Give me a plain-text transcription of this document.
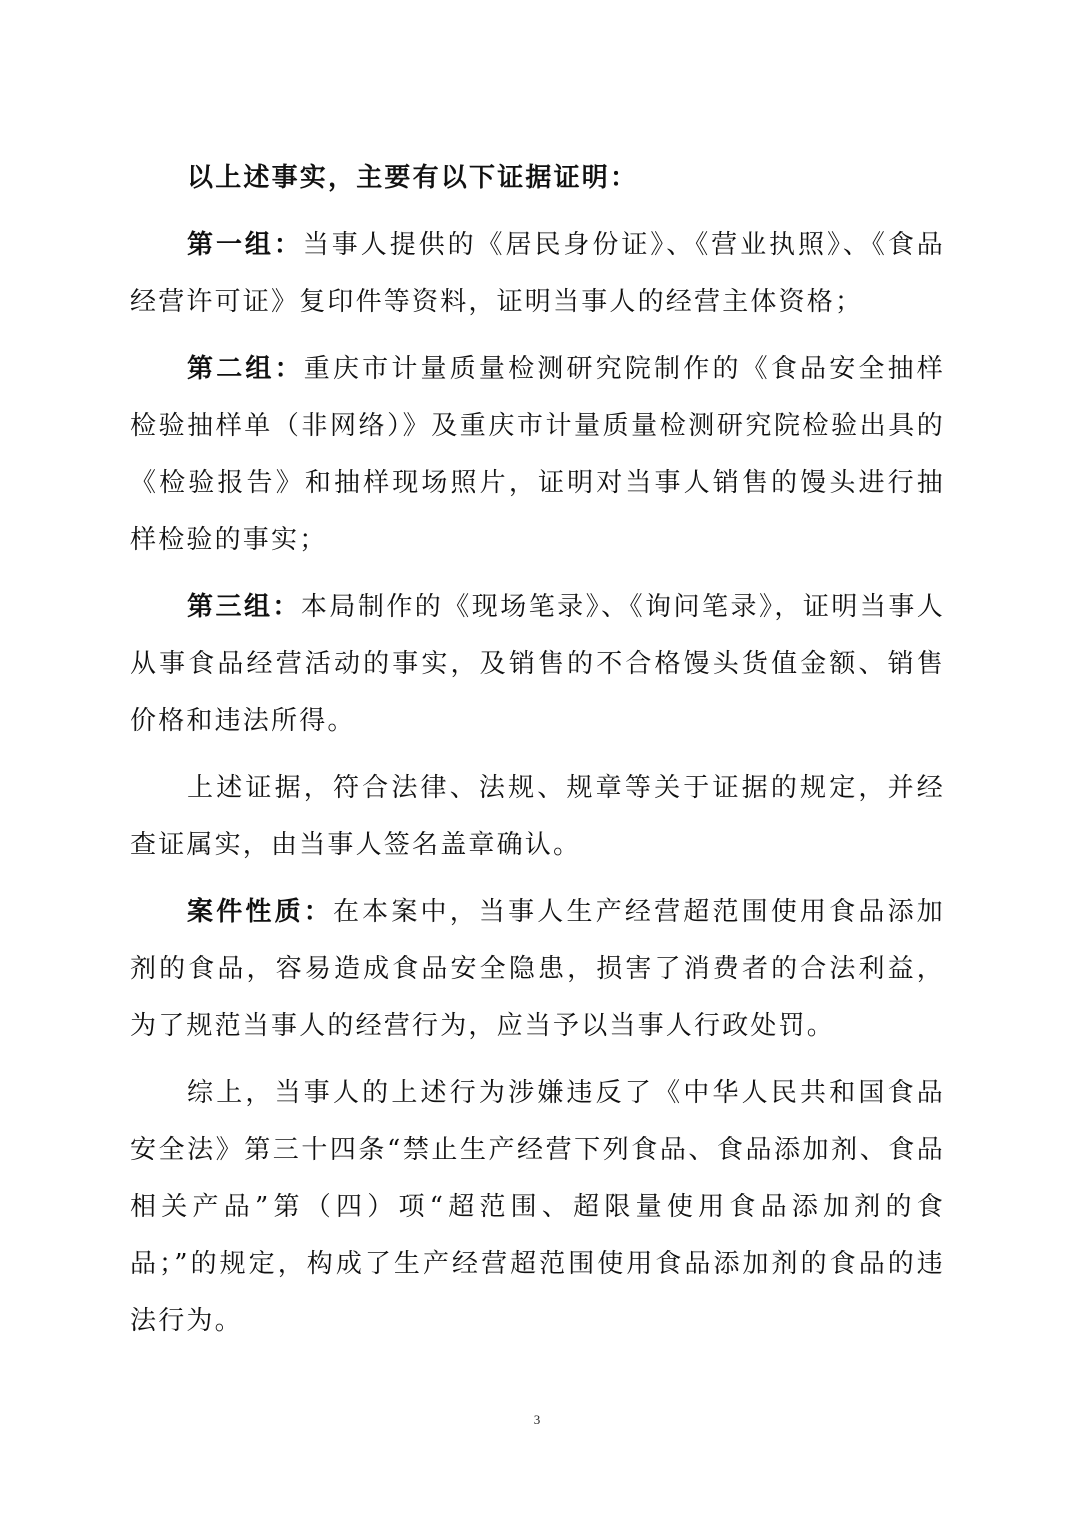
以上述事实，主要有以下证据证明：

第一组：当事人提供的《居民身份证》、《营业执照》、《食品经营许可证》复印件等资料，证明当事人的经营主体资格；

第二组：重庆市计量质量检测研究院制作的《食品安全抽样检验抽样单（非网络）》及重庆市计量质量检测研究院检验出具的《检验报告》和抽样现场照片，证明对当事人销售的馒头进行抽样检验的事实；

第三组：本局制作的《现场笔录》、《询问笔录》，证明当事人从事食品经营活动的事实，及销售的不合格馒头货值金额、销售价格和违法所得。

上述证据，符合法律、法规、规章等关于证据的规定，并经查证属实，由当事人签名盖章确认。

案件性质：在本案中，当事人生产经营超范围使用食品添加剂的食品，容易造成食品安全隐患，损害了消费者的合法利益，为了规范当事人的经营行为，应当予以当事人行政处罚。

综上，当事人的上述行为涉嫌违反了《中华人民共和国食品安全法》第三十四条“禁止生产经营下列食品、食品添加剂、食品相关产品”第（四）项“超范围、超限量使用食品添加剂的食品；”的规定，构成了生产经营超范围使用食品添加剂的食品的违法行为。

3
